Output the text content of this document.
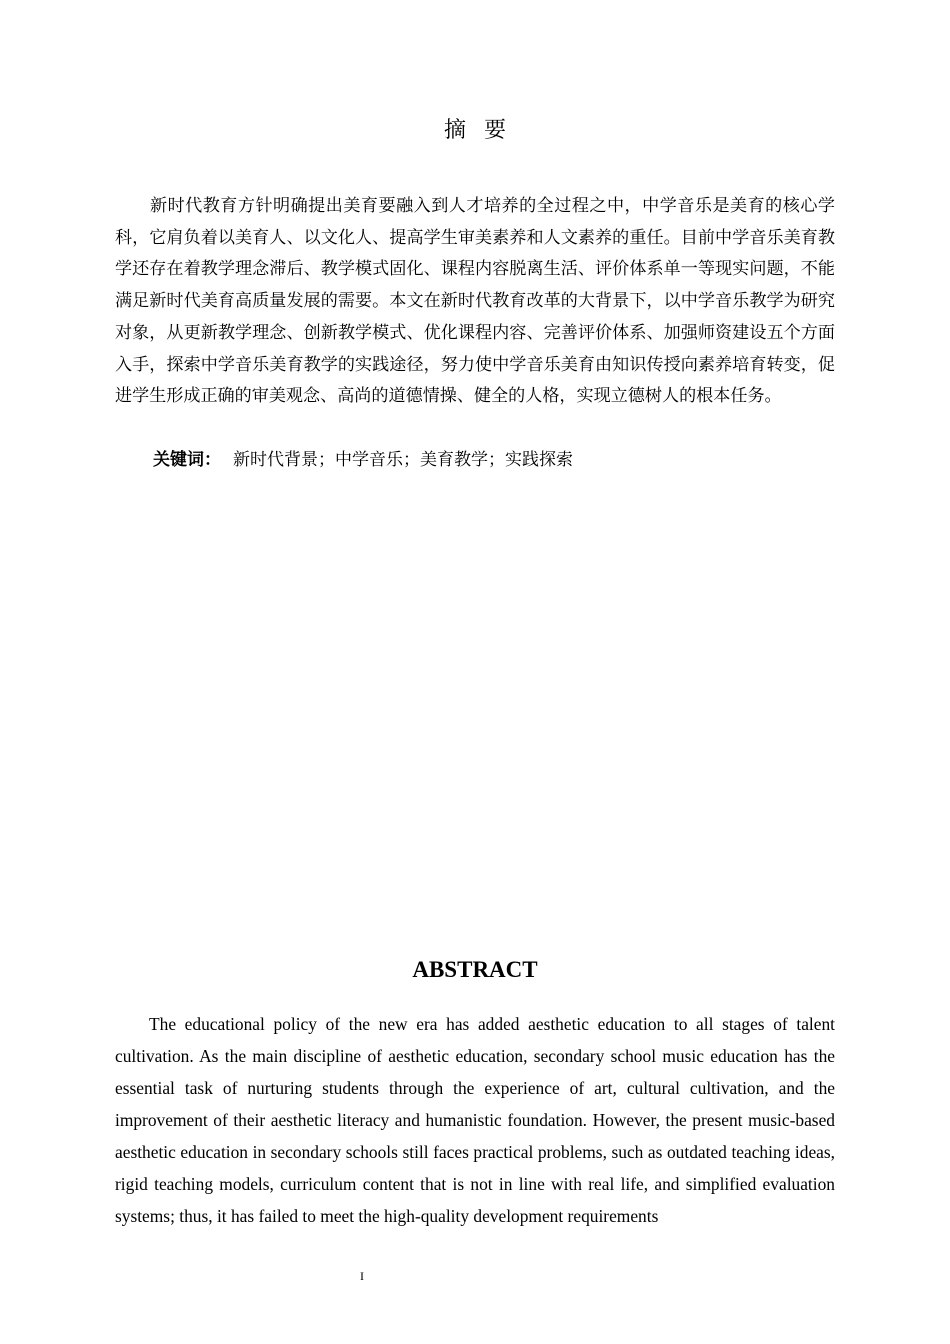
摘要

新时代教育方针明确提出美育要融入到人才培养的全过程之中，中学音乐是美育的核心学科，它肩负着以美育人、以文化人、提高学生审美素养和人文素养的重任。目前中学音乐美育教学还存在着教学理念滞后、教学模式固化、课程内容脱离生活、评价体系单一等现实问题，不能满足新时代美育高质量发展的需要。本文在新时代教育改革的大背景下，以中学音乐教学为研究对象，从更新教学理念、创新教学模式、优化课程内容、完善评价体系、加强师资建设五个方面入手，探索中学音乐美育教学的实践途径，努力使中学音乐美育由知识传授向素养培育转变，促进学生形成正确的审美观念、高尚的道德情操、健全的人格，实现立德树人的根本任务。

关键词： 新时代背景；中学音乐；美育教学；实践探索
ABSTRACT

The educational policy of the new era has added aesthetic education to all stages of talent cultivation. As the main discipline of aesthetic education, secondary school music education has the essential task of nurturing students through the experience of art, cultural cultivation, and the improvement of their aesthetic literacy and humanistic foundation. However, the present music-based aesthetic education in secondary schools still faces practical problems, such as outdated teaching ideas, rigid teaching models, curriculum content that is not in line with real life, and simplified evaluation systems; thus, it has failed to meet the high-quality development requirements

I
